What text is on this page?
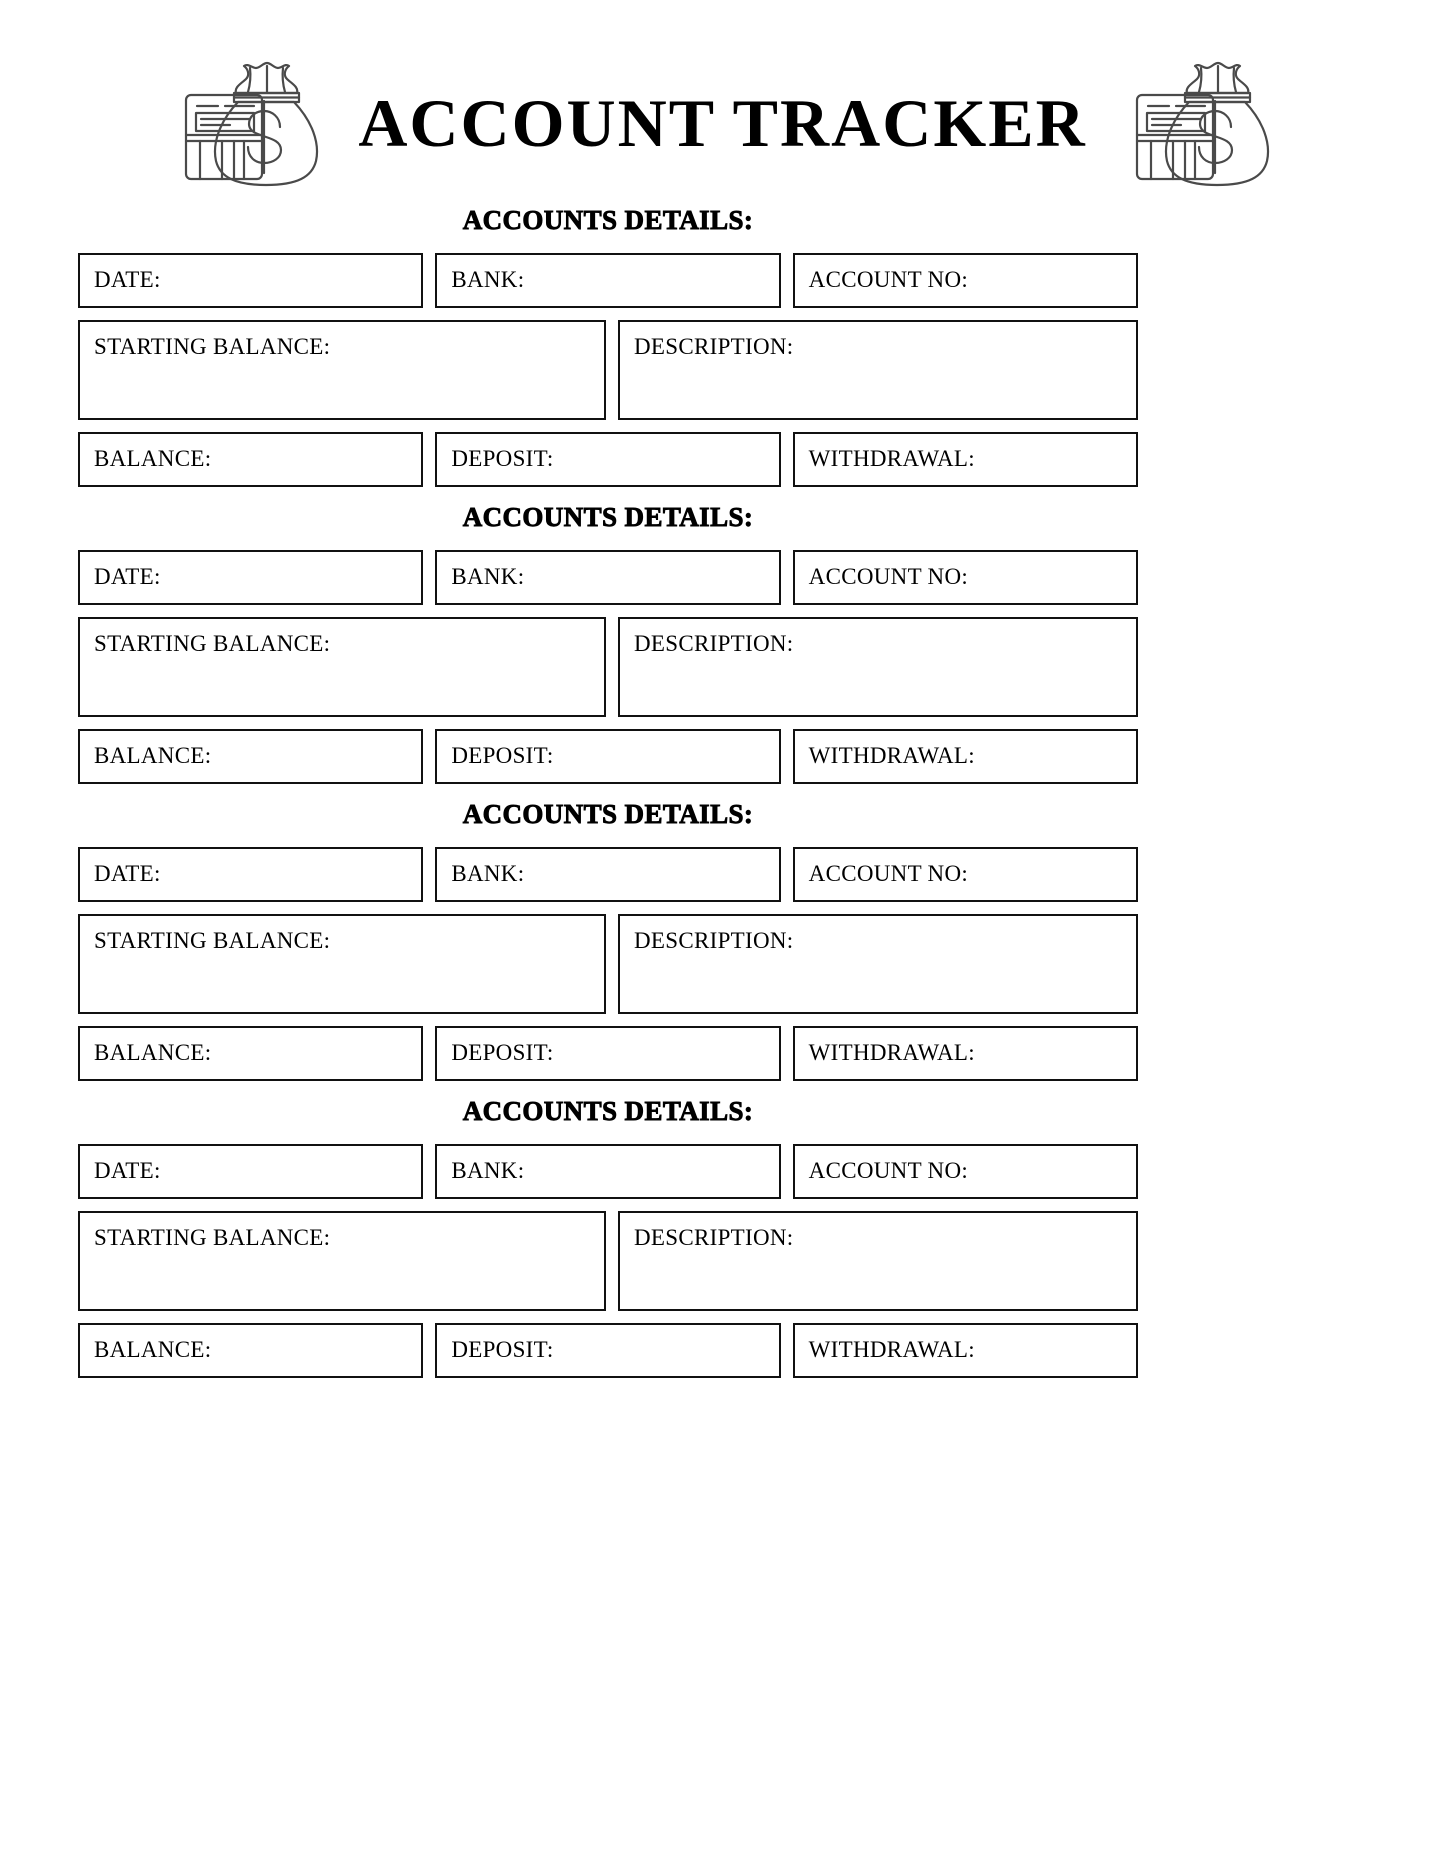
ACCOUNT TRACKER
ACCOUNTS DETAILS:
DATE:	BANK:	ACCOUNT NO:
STARTING BALANCE:	DESCRIPTION:
BALANCE:	DEPOSIT:	WITHDRAWAL:
ACCOUNTS DETAILS:
DATE:	BANK:	ACCOUNT NO:
STARTING BALANCE:	DESCRIPTION:
BALANCE:	DEPOSIT:	WITHDRAWAL:
ACCOUNTS DETAILS:
DATE:	BANK:	ACCOUNT NO:
STARTING BALANCE:	DESCRIPTION:
BALANCE:	DEPOSIT:	WITHDRAWAL:
ACCOUNTS DETAILS:
DATE:	BANK:	ACCOUNT NO:
STARTING BALANCE:	DESCRIPTION:
BALANCE:	DEPOSIT:	WITHDRAWAL:
